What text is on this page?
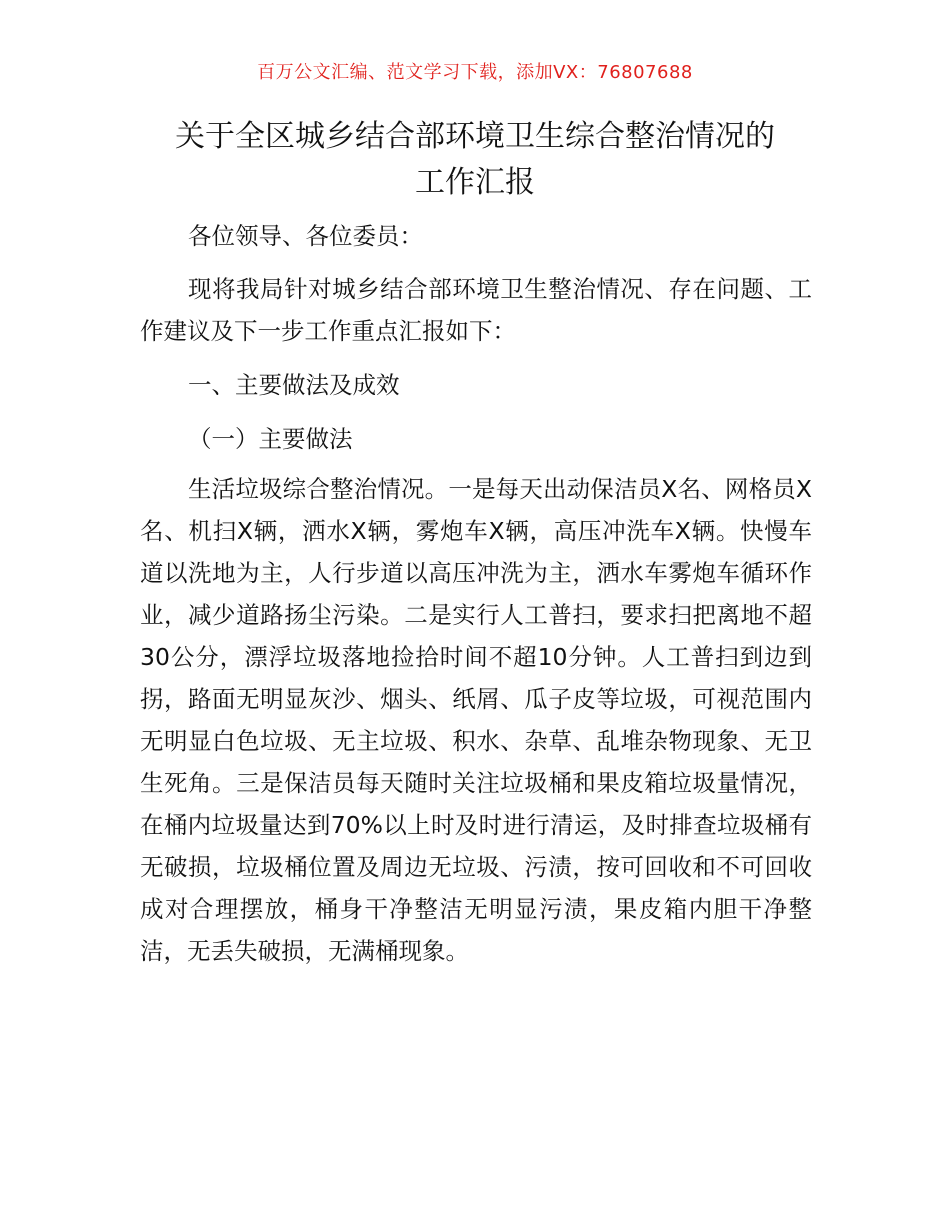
百万公文汇编、范文学习下载，添加VX：76807688
关于全区城乡结合部环境卫生综合整治情况的
工作汇报
各位领导、各位委员：
现将我局针对城乡结合部环境卫生整治情况、存在问题、工作建议及下一步工作重点汇报如下：
一、主要做法及成效
（一）主要做法
生活垃圾综合整治情况。一是每天出动保洁员X名、网格员X名、机扫X辆，洒水X辆，雾炮车X辆，高压冲洗车X辆。快慢车道以洗地为主，人行步道以高压冲洗为主，洒水车雾炮车循环作业，减少道路扬尘污染。二是实行人工普扫，要求扫把离地不超30公分，漂浮垃圾落地捡拾时间不超10分钟。人工普扫到边到拐，路面无明显灰沙、烟头、纸屑、瓜子皮等垃圾，可视范围内无明显白色垃圾、无主垃圾、积水、杂草、乱堆杂物现象、无卫生死角。三是保洁员每天随时关注垃圾桶和果皮箱垃圾量情况，在桶内垃圾量达到70%以上时及时进行清运，及时排查垃圾桶有无破损，垃圾桶位置及周边无垃圾、污渍，按可回收和不可回收成对合理摆放，桶身干净整洁无明显污渍，果皮箱内胆干净整洁，无丢失破损，无满桶现象。
